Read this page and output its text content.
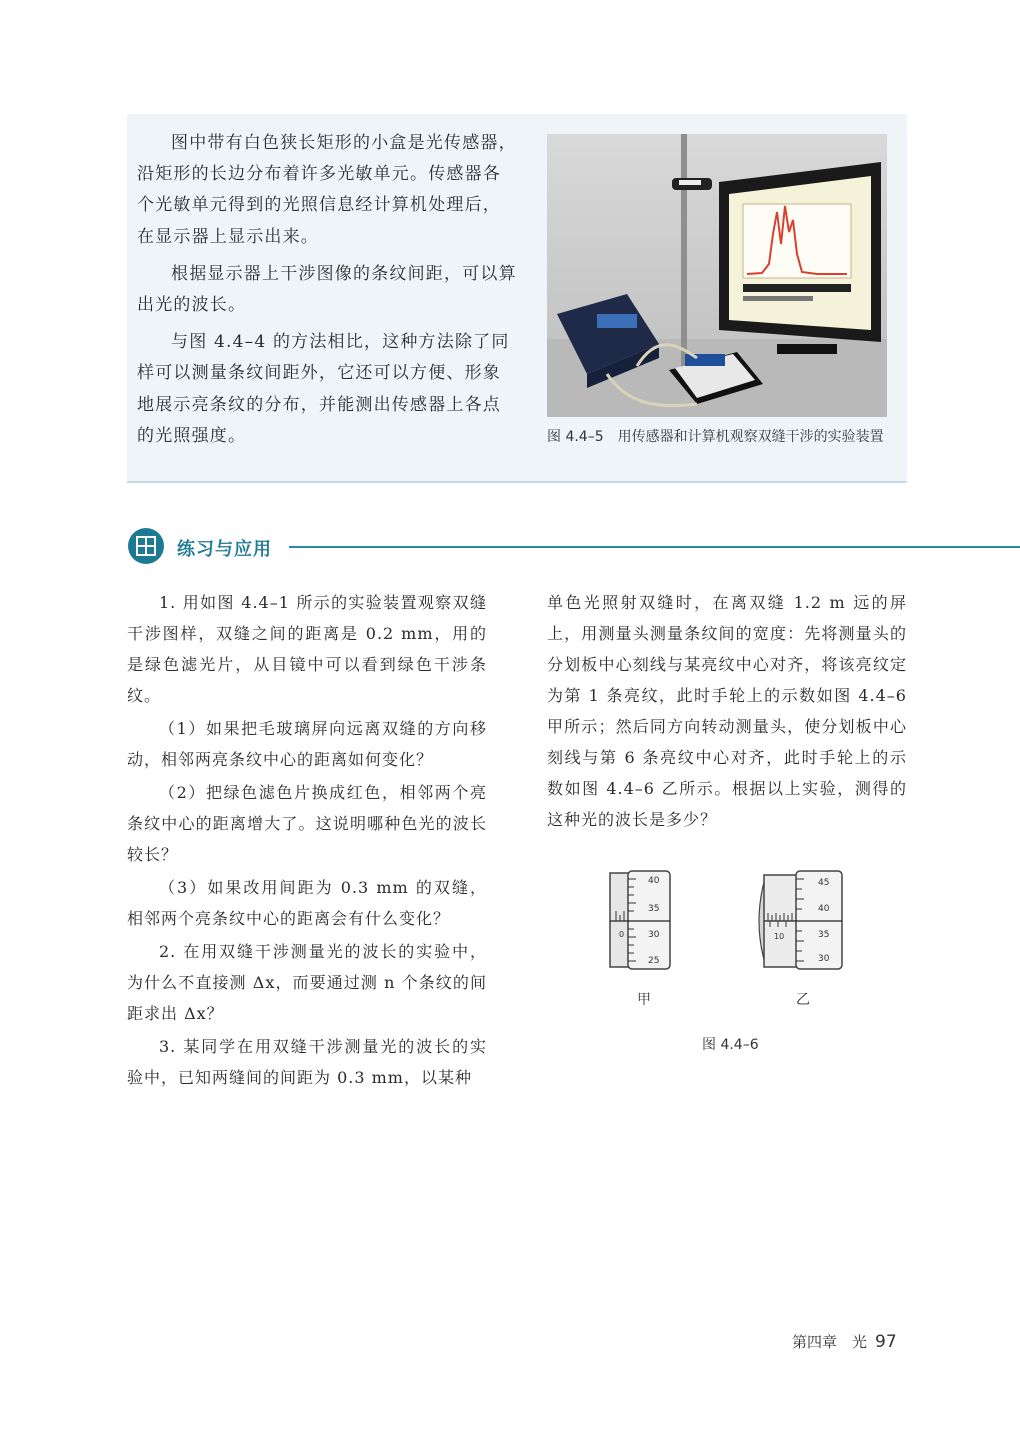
图中带有白色狭长矩形的小盒是光传感器，沿矩形的长边分布着许多光敏单元。传感器各个光敏单元得到的光照信息经计算机处理后，在显示器上显示出来。

根据显示器上干涉图像的条纹间距，可以算出光的波长。

与图 4.4–4 的方法相比，这种方法除了同样可以测量条纹间距外，它还可以方便、形象地展示亮条纹的分布，并能测出传感器上各点的光照强度。	图 4.4–5　用传感器和计算机观察双缝干涉的实验装置
练习与应用

1. 用如图 4.4–1 所示的实验装置观察双缝干涉图样，双缝之间的距离是 0.2 mm，用的是绿色滤光片，从目镜中可以看到绿色干涉条纹。

（1）如果把毛玻璃屏向远离双缝的方向移动，相邻两亮条纹中心的距离如何变化？

（2）把绿色滤色片换成红色，相邻两个亮条纹中心的距离增大了。这说明哪种色光的波长较长？

（3）如果改用间距为 0.3 mm 的双缝，相邻两个亮条纹中心的距离会有什么变化？

2. 在用双缝干涉测量光的波长的实验中，为什么不直接测 Δx，而要通过测 n 个条纹的间距求出 Δx？

3. 某同学在用双缝干涉测量光的波长的实验中，已知两缝间的间距为 0.3 mm，以某种

单色光照射双缝时，在离双缝 1.2 m 远的屏上，用测量头测量条纹间的宽度：先将测量头的分划板中心刻线与某亮纹中心对齐，将该亮纹定为第 1 条亮纹，此时手轮上的示数如图 4.4–6 甲所示；然后同方向转动测量头，使分划板中心刻线与第 6 条亮纹中心对齐，此时手轮上的示数如图 4.4–6 乙所示。根据以上实验，测得的这种光的波长是多少？

0
40
35
30
25
甲
10
45
40
35
30
乙
图 4.4–6
第四章　光 97
